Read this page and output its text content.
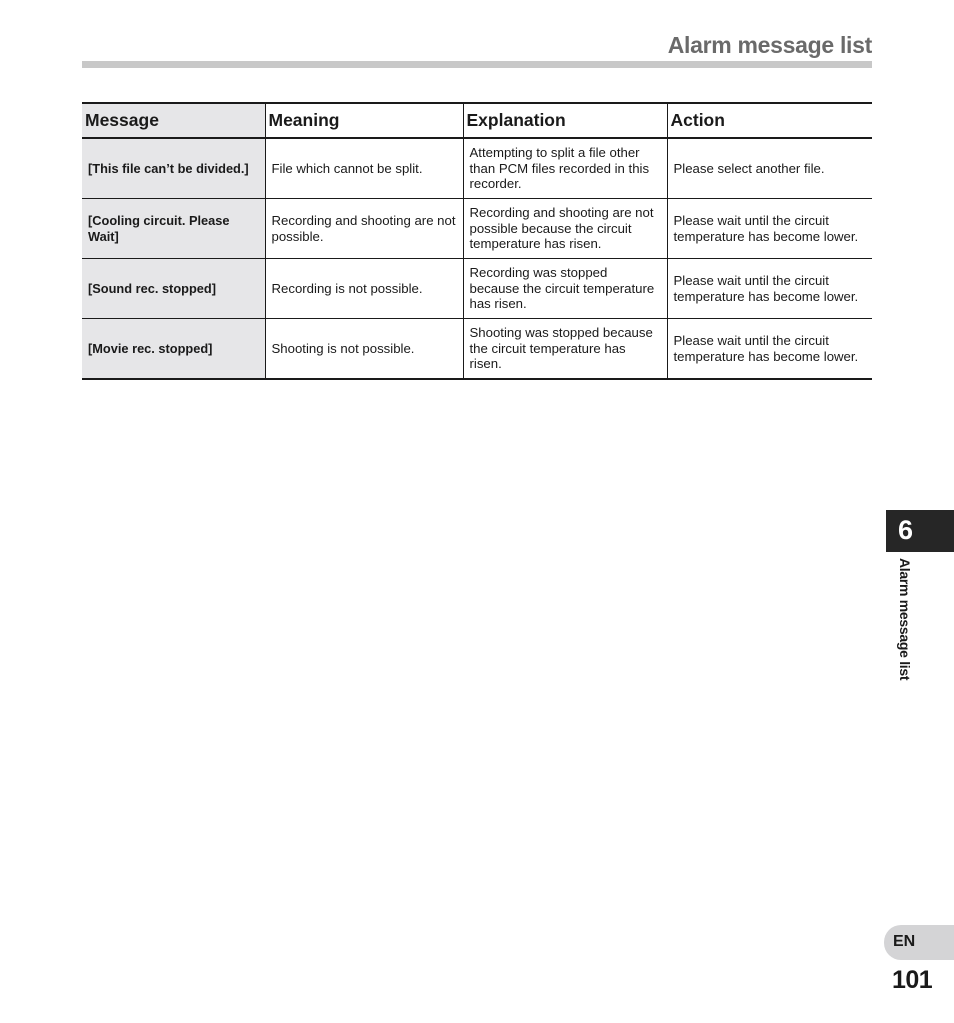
Alarm message list
Message	Meaning	Explanation	Action
[This file can’t be divided.]	File which cannot be split.	Attempting to split a file other than PCM files recorded in this recorder.	Please select another file.
[Cooling circuit. Please Wait]	Recording and shooting are not possible.	Recording and shooting are not possible because the circuit temperature has risen.	Please wait until the circuit temperature has become lower.
[Sound rec. stopped]	Recording is not possible.	Recording was stopped because the circuit temperature has risen.	Please wait until the circuit temperature has become lower.
[Movie rec. stopped]	Shooting is not possible.	Shooting was stopped because the circuit temperature has risen.	Please wait until the circuit temperature has become lower.
6
Alarm message list
EN
101
